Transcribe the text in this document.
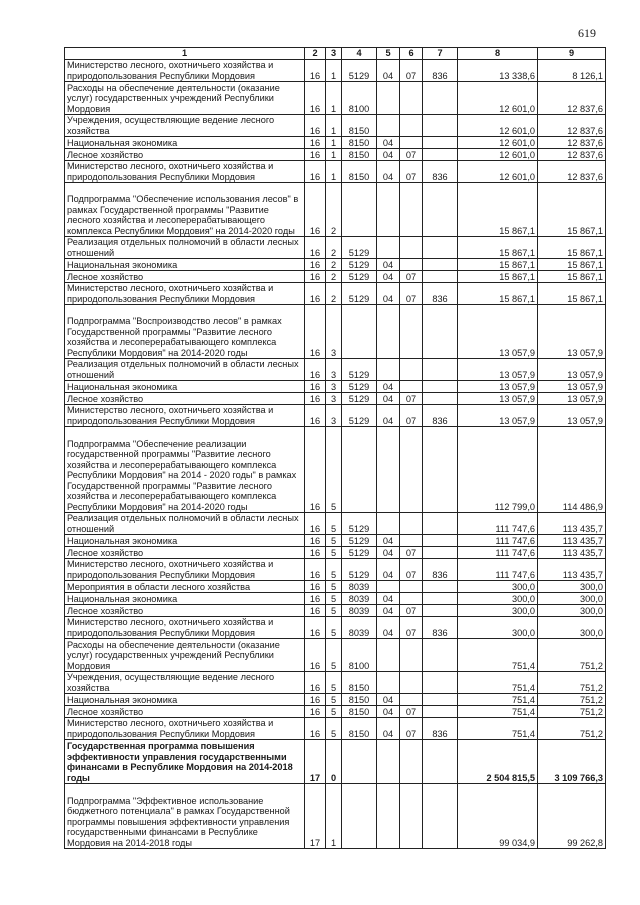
619
1	2	3	4	5	6	7	8	9
Министерство лесного, охотничьего хозяйства и природопользования Республики Мордовия	16	1	5129	04	07	836	13 338,6	8 126,1
Расходы на обеспечение деятельности (оказание услуг) государственных учреждений Республики Мордовия	16	1	8100				12 601,0	12 837,6
Учреждения, осуществляющие ведение лесного хозяйства	16	1	8150				12 601,0	12 837,6
Национальная экономика	16	1	8150	04			12 601,0	12 837,6
Лесное хозяйство	16	1	8150	04	07		12 601,0	12 837,6
Министерство лесного, охотничьего хозяйства и природопользования Республики Мордовия	16	1	8150	04	07	836	12 601,0	12 837,6
Подпрограмма "Обеспечение использования лесов" в рамках Государственной программы "Развитие лесного хозяйства и лесоперерабатывающего комплекса Республики Мордовия" на 2014-2020 годы	16	2					15 867,1	15 867,1
Реализация отдельных полномочий в области лесных отношений	16	2	5129				15 867,1	15 867,1
Национальная экономика	16	2	5129	04			15 867,1	15 867,1
Лесное хозяйство	16	2	5129	04	07		15 867,1	15 867,1
Министерство лесного, охотничьего хозяйства и природопользования Республики Мордовия	16	2	5129	04	07	836	15 867,1	15 867,1
Подпрограмма "Воспроизводство лесов" в рамках Государственной программы "Развитие лесного хозяйства и лесоперерабатывающего комплекса Республики Мордовия" на 2014-2020 годы	16	3					13 057,9	13 057,9
Реализация отдельных полномочий в области лесных отношений	16	3	5129				13 057,9	13 057,9
Национальная экономика	16	3	5129	04			13 057,9	13 057,9
Лесное хозяйство	16	3	5129	04	07		13 057,9	13 057,9
Министерство лесного, охотничьего хозяйства и природопользования Республики Мордовия	16	3	5129	04	07	836	13 057,9	13 057,9
Подпрограмма "Обеспечение реализации государственной программы "Развитие лесного хозяйства и лесоперерабатывающего комплекса Республики Мордовия" на 2014 - 2020 годы" в рамках Государственной программы "Развитие лесного хозяйства и лесоперерабатывающего комплекса Республики Мордовия" на 2014-2020 годы	16	5					112 799,0	114 486,9
Реализация отдельных полномочий в области лесных отношений	16	5	5129				111 747,6	113 435,7
Национальная экономика	16	5	5129	04			111 747,6	113 435,7
Лесное хозяйство	16	5	5129	04	07		111 747,6	113 435,7
Министерство лесного, охотничьего хозяйства и природопользования Республики Мордовия	16	5	5129	04	07	836	111 747,6	113 435,7
Мероприятия в области лесного хозяйства	16	5	8039				300,0	300,0
Национальная экономика	16	5	8039	04			300,0	300,0
Лесное хозяйство	16	5	8039	04	07		300,0	300,0
Министерство лесного, охотничьего хозяйства и природопользования Республики Мордовия	16	5	8039	04	07	836	300,0	300,0
Расходы на обеспечение деятельности (оказание услуг) государственных учреждений Республики Мордовия	16	5	8100				751,4	751,2
Учреждения, осуществляющие ведение лесного хозяйства	16	5	8150				751,4	751,2
Национальная экономика	16	5	8150	04			751,4	751,2
Лесное хозяйство	16	5	8150	04	07		751,4	751,2
Министерство лесного, охотничьего хозяйства и природопользования Республики Мордовия	16	5	8150	04	07	836	751,4	751,2
Государственная программа повышения эффективности управления государственными финансами в Республике Мордовия на 2014-2018 годы	17	0					2 504 815,5	3 109 766,3
Подпрограмма "Эффективное использование бюджетного потенциала" в рамках Государственной программы повышения эффективности управления государственными финансами в Республике Мордовия на 2014-2018 годы	17	1					99 034,9	99 262,8
